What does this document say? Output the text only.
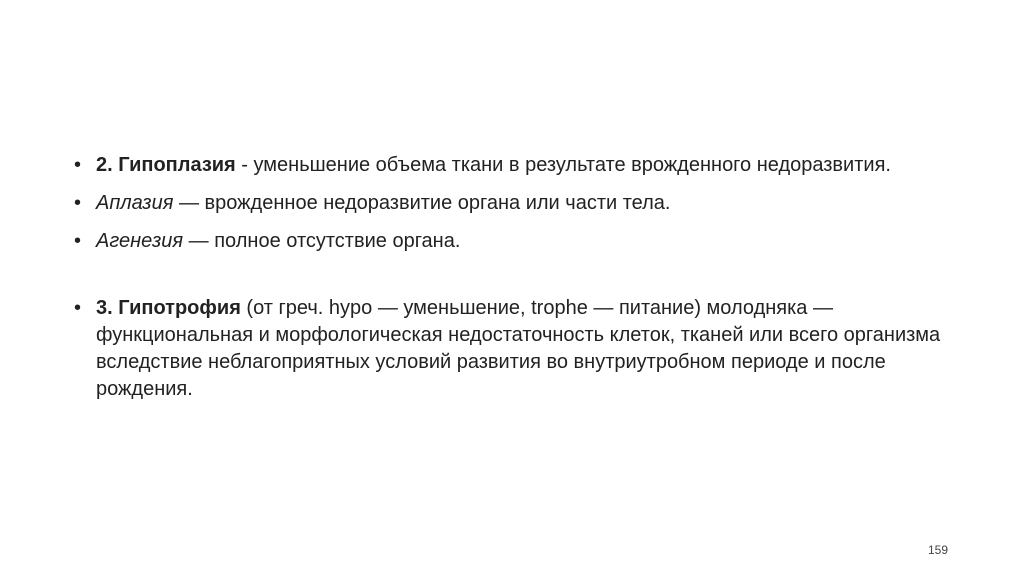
• 2. Гипоплазия - уменьшение объема ткани в результате врожденного недоразвития.
• Аплазия — врожденное недоразвитие органа или части тела.
• Агенезия — полное отсутствие органа.
• 3. Гипотрофия (от греч. hypo — уменьшение, trophe — питание) молодняка — функциональная и морфологическая недостаточность клеток, тканей или всего организма вследствие неблагоприятных условий развития во внутриутробном периоде и после рождения.
159
